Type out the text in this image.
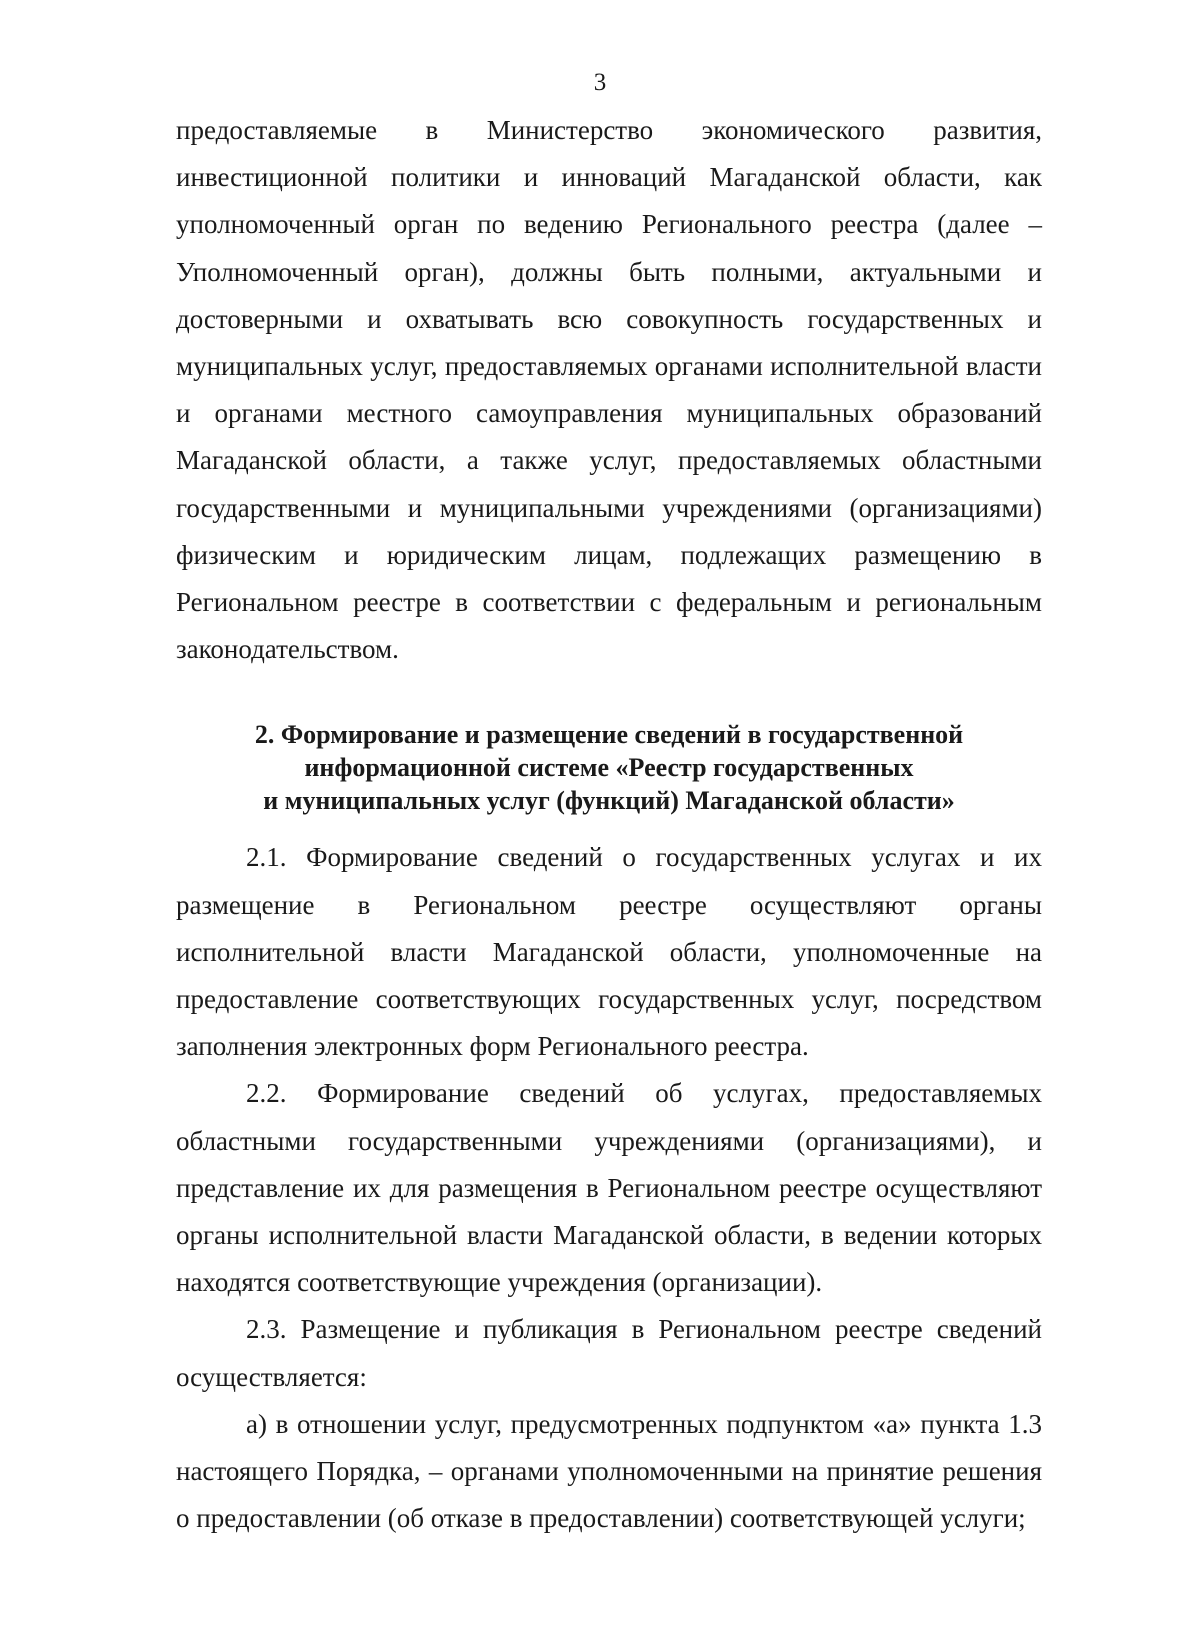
3

предоставляемые в Министерство экономического развития, инвестиционной политики и инноваций Магаданской области, как уполномоченный орган по ведению Регионального реестра (далее – Уполномоченный орган), должны быть полными, актуальными и достоверными и охватывать всю совокупность государственных и муниципальных услуг, предоставляемых органами исполнительной власти и органами местного самоуправления муниципальных образований Магаданской области, а также услуг, предоставляемых областными государственными и муниципальными учреждениями (организациями) физическим и юридическим лицам, подлежащих размещению в Региональном реестре в соответствии с федеральным и региональным законодательством.

2. Формирование и размещение сведений в государственной
информационной системе «Реестр государственных
и муниципальных услуг (функций) Магаданской области»

2.1. Формирование сведений о государственных услугах и их размещение в Региональном реестре осуществляют органы исполнительной власти Магаданской области, уполномоченные на предоставление соответствующих государственных услуг, посредством заполнения электронных форм Регионального реестра.

2.2. Формирование сведений об услугах, предоставляемых областными государственными учреждениями (организациями), и представление их для размещения в Региональном реестре осуществляют органы исполнительной власти Магаданской области, в ведении которых находятся соответствующие учреждения (организации).

2.3. Размещение и публикация в Региональном реестре сведений осуществляется:

а) в отношении услуг, предусмотренных подпунктом «а» пункта 1.3 настоящего Порядка, – органами уполномоченными на принятие решения о предоставлении (об отказе в предоставлении) соответствующей услуги;
